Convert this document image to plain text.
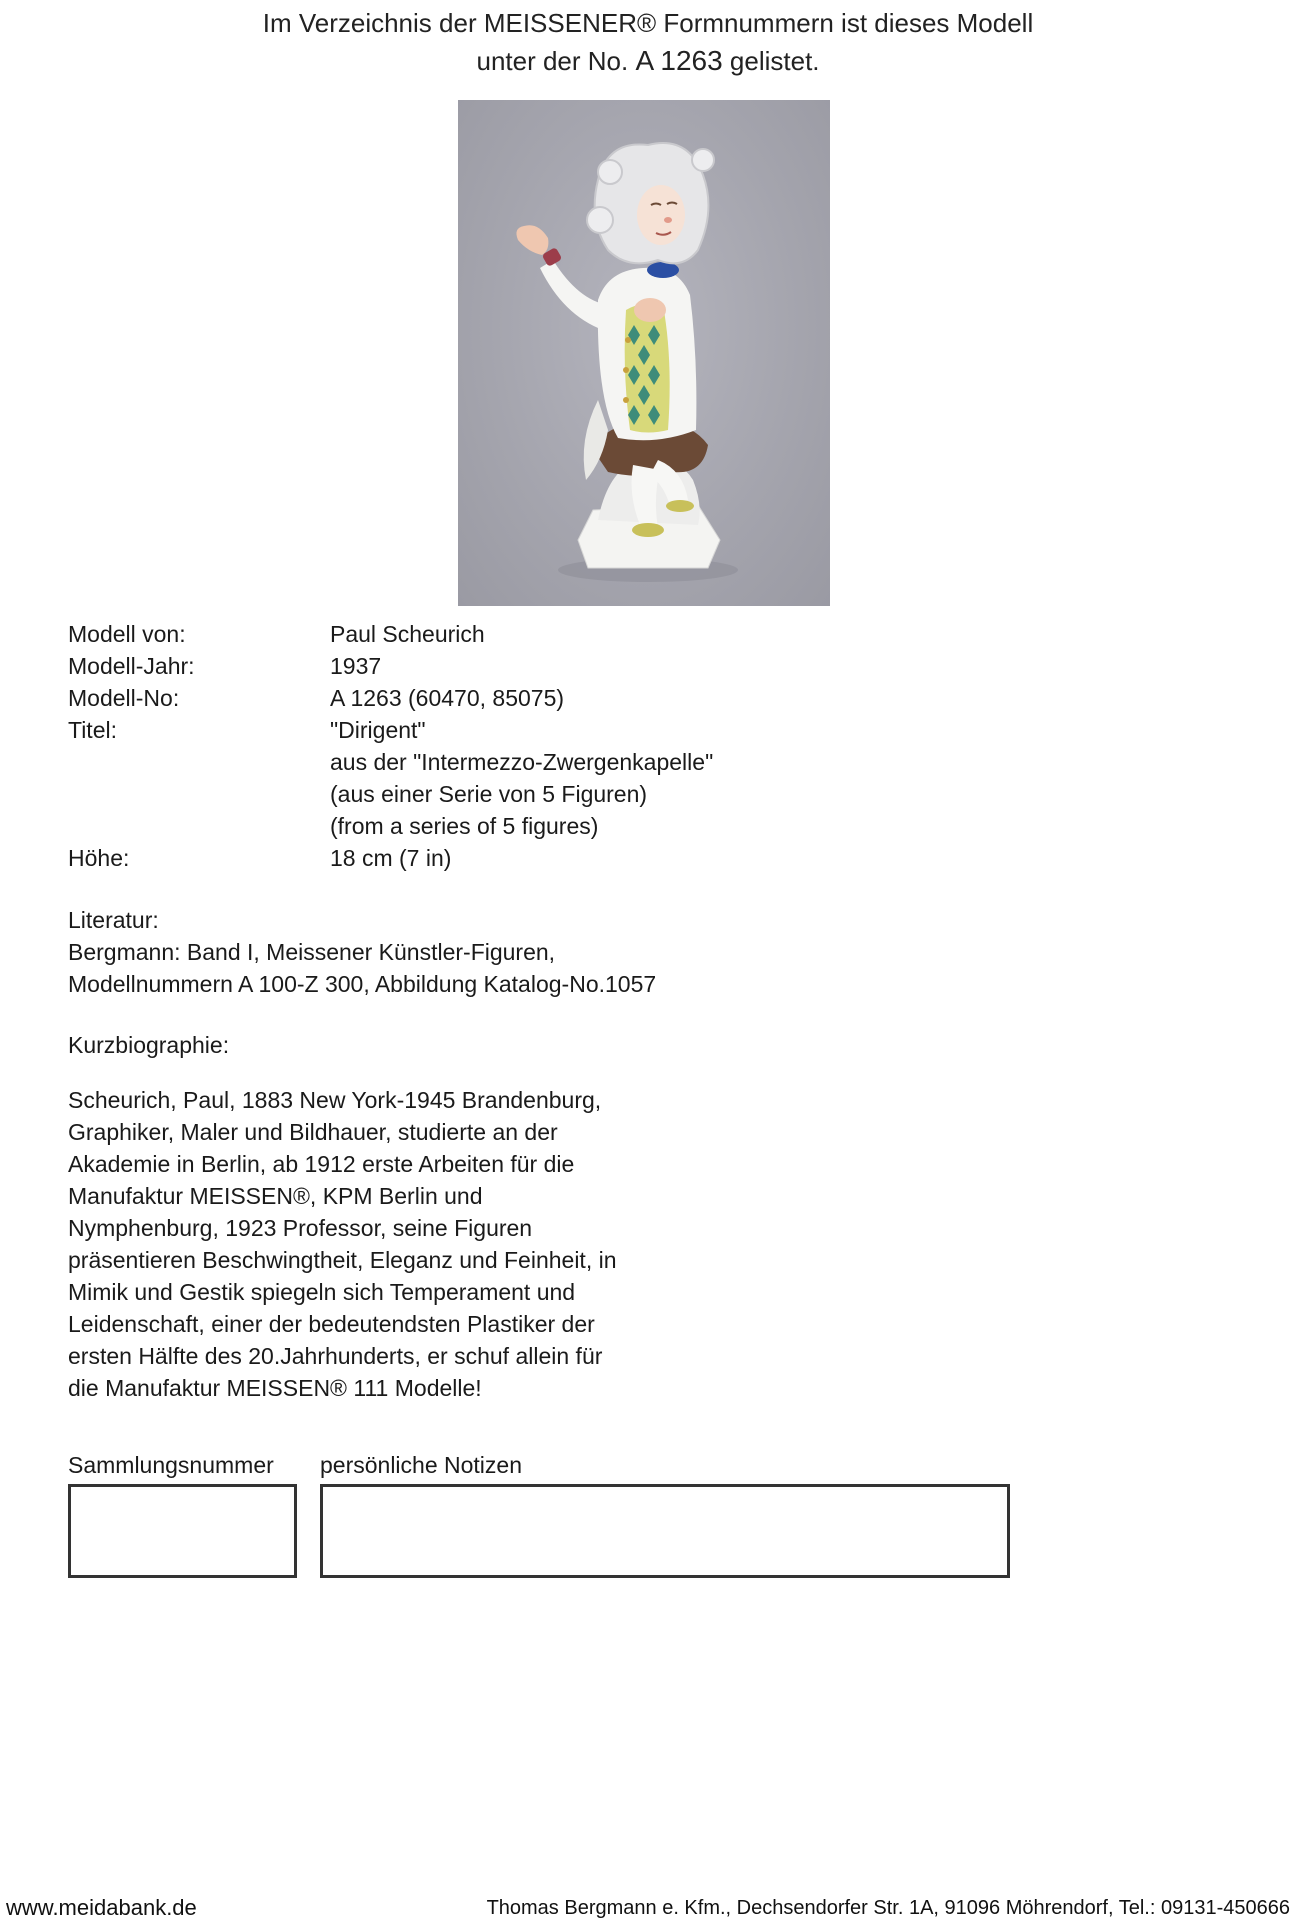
Im Verzeichnis der MEISSENER® Formnummern ist dieses Modell
unter der No. A 1263 gelistet.
Modell von:	Paul Scheurich
Modell-Jahr:	1937
Modell-No:	A 1263 (60470, 85075)
Titel:	"Dirigent"
aus der "Intermezzo-Zwergenkapelle"
(aus einer Serie von 5 Figuren)
(from a series of 5 figures)
Höhe:	18 cm (7 in)
Literatur:
Bergmann: Band I, Meissener Künstler-Figuren,
Modellnummern A 100-Z 300, Abbildung Katalog-No.1057
Kurzbiographie:
Scheurich, Paul, 1883 New York-1945 Brandenburg,
Graphiker, Maler und Bildhauer, studierte an der
Akademie in Berlin, ab 1912 erste Arbeiten für die
Manufaktur MEISSEN®, KPM Berlin und
Nymphenburg, 1923 Professor, seine Figuren
präsentieren Beschwingtheit, Eleganz und Feinheit, in
Mimik und Gestik spiegeln sich Temperament und
Leidenschaft, einer der bedeutendsten Plastiker der
ersten Hälfte des 20.Jahrhunderts, er schuf allein für
die Manufaktur MEISSEN® 111 Modelle!
Sammlungsnummer persönliche Notizen
www.meidabank.de	Thomas Bergmann e. Kfm., Dechsendorfer Str. 1A, 91096 Möhrendorf, Tel.: 09131-450666
